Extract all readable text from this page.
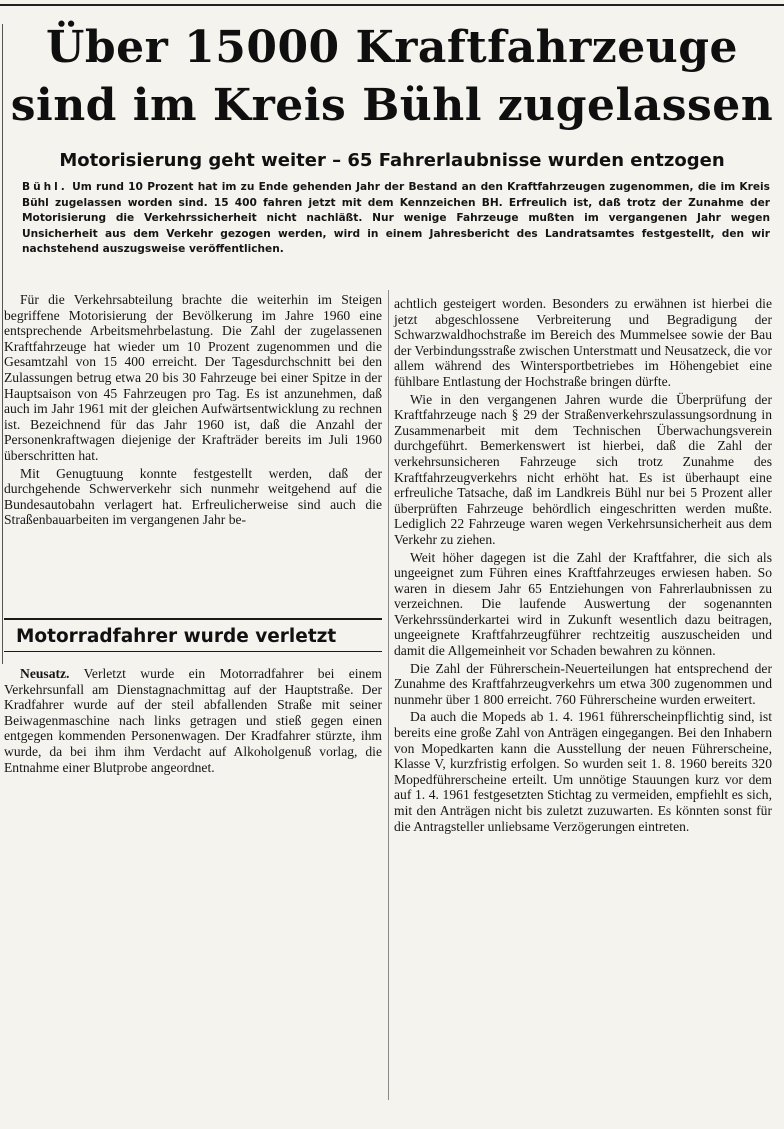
Über 15000 Kraftfahrzeuge
sind im Kreis Bühl zugelassen
Motorisierung geht weiter – 65 Fahrerlaubnisse wurden entzogen
Bühl. Um rund 10 Prozent hat im zu Ende gehenden Jahr der Bestand an den Kraftfahrzeugen zugenommen, die im Kreis Bühl zugelassen worden sind. 15 400 fahren jetzt mit dem Kennzeichen BH. Erfreulich ist, daß trotz der Zunahme der Motorisierung die Verkehrssicherheit nicht nachläßt. Nur wenige Fahrzeuge mußten im vergangenen Jahr wegen Unsicherheit aus dem Verkehr gezogen werden, wird in einem Jahresbericht des Landratsamtes festgestellt, den wir nachstehend auszugsweise veröffentlichen.

Für die Verkehrsabteilung brachte die weiterhin im Steigen begriffene Motorisierung der Bevölkerung im Jahre 1960 eine entsprechende Arbeitsmehrbelastung. Die Zahl der zugelassenen Kraftfahrzeuge hat wieder um 10 Prozent zugenommen und die Gesamtzahl von 15 400 erreicht. Der Tagesdurchschnitt bei den Zulassungen betrug etwa 20 bis 30 Fahrzeuge bei einer Spitze in der Hauptsaison von 45 Fahrzeugen pro Tag. Es ist anzunehmen, daß auch im Jahr 1961 mit der gleichen Aufwärtsentwicklung zu rechnen ist. Bezeichnend für das Jahr 1960 ist, daß die Anzahl der Personenkraftwagen diejenige der Krafträder bereits im Juli 1960 überschritten hat.

Mit Genugtuung konnte festgestellt werden, daß der durchgehende Schwerverkehr sich nunmehr weitgehend auf die Bundesautobahn verlagert hat. Erfreulicherweise sind auch die Straßenbauarbeiten im vergangenen Jahr be-

Motorradfahrer wurde verletzt

Neusatz. Verletzt wurde ein Motorradfahrer bei einem Verkehrsunfall am Dienstagnachmittag auf der Hauptstraße. Der Kradfahrer wurde auf der steil abfallenden Straße mit seiner Beiwagenmaschine nach links getragen und stieß gegen einen entgegen kommenden Personenwagen. Der Kradfahrer stürzte, ihm wurde, da bei ihm ihm Verdacht auf Alkoholgenuß vorlag, die Entnahme einer Blutprobe angeordnet.

achtlich gesteigert worden. Besonders zu erwähnen ist hierbei die jetzt abgeschlossene Verbreiterung und Begradigung der Schwarzwaldhochstraße im Bereich des Mummelsee sowie der Bau der Verbindungsstraße zwischen Unterstmatt und Neusatzeck, die vor allem während des Wintersportbetriebes im Höhengebiet eine fühlbare Entlastung der Hochstraße bringen dürfte.

Wie in den vergangenen Jahren wurde die Überprüfung der Kraftfahrzeuge nach § 29 der Straßenverkehrszulassungsordnung in Zusammenarbeit mit dem Technischen Überwachungsverein durchgeführt. Bemerkenswert ist hierbei, daß die Zahl der verkehrsunsicheren Fahrzeuge sich trotz Zunahme des Kraftfahrzeugverkehrs nicht erhöht hat. Es ist überhaupt eine erfreuliche Tatsache, daß im Landkreis Bühl nur bei 5 Prozent aller überprüften Fahrzeuge behördlich eingeschritten werden mußte. Lediglich 22 Fahrzeuge waren wegen Verkehrsunsicherheit aus dem Verkehr zu ziehen.

Weit höher dagegen ist die Zahl der Kraftfahrer, die sich als ungeeignet zum Führen eines Kraftfahrzeuges erwiesen haben. So waren in diesem Jahr 65 Entziehungen von Fahrerlaubnissen zu verzeichnen. Die laufende Auswertung der sogenannten Verkehrssünderkartei wird in Zukunft wesentlich dazu beitragen, ungeeignete Kraftfahrzeugführer rechtzeitig auszuscheiden und damit die Allgemeinheit vor Schaden bewahren zu können.

Die Zahl der Führerschein-Neuerteilungen hat entsprechend der Zunahme des Kraftfahrzeugverkehrs um etwa 300 zugenommen und nunmehr über 1 800 erreicht. 760 Führerscheine wurden erweitert.

Da auch die Mopeds ab 1. 4. 1961 führerscheinpflichtig sind, ist bereits eine große Zahl von Anträgen eingegangen. Bei den Inhabern von Mopedkarten kann die Ausstellung der neuen Führerscheine, Klasse V, kurzfristig erfolgen. So wurden seit 1. 8. 1960 bereits 320 Mopedführerscheine erteilt. Um unnötige Stauungen kurz vor dem auf 1. 4. 1961 festgesetzten Stichtag zu vermeiden, empfiehlt es sich, mit den Anträgen nicht bis zuletzt zuzuwarten. Es könnten sonst für die Antragsteller unliebsame Verzögerungen eintreten.
